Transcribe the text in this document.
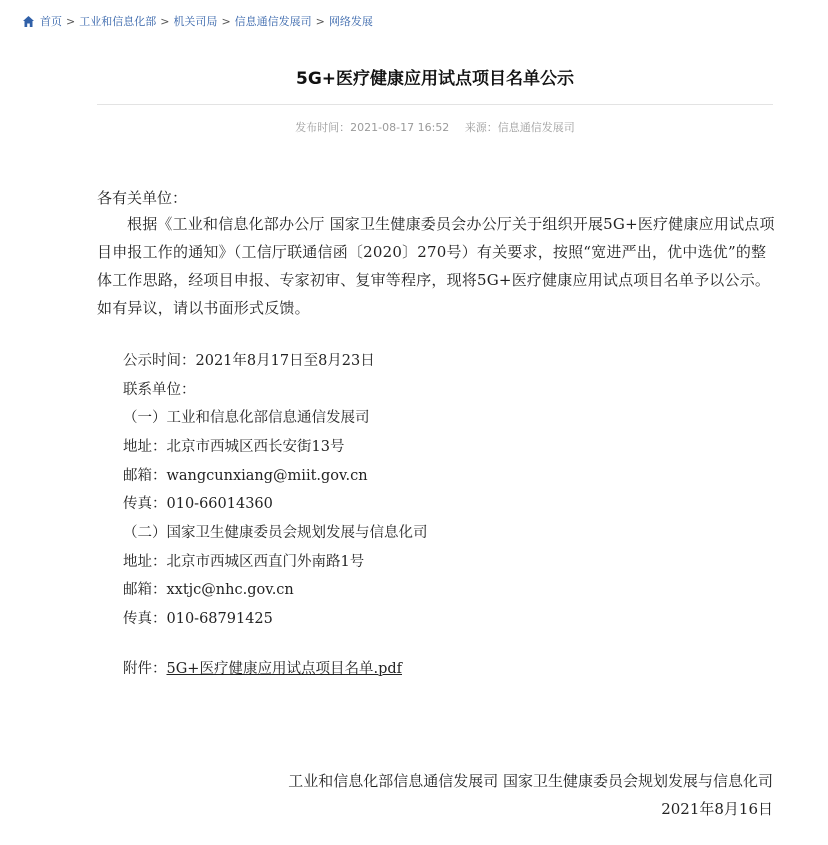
首页 > 工业和信息化部 > 机关司局 > 信息通信发展司 > 网络发展
5G+医疗健康应用试点项目名单公示
发布时间：2021-08-17 16:52 来源：信息通信发展司
各有关单位：
根据《工业和信息化部办公厅 国家卫生健康委员会办公厅关于组织开展5G+医疗健康应用试点项目申报工作的通知》（工信厅联通信函〔2020〕270号）有关要求，按照“宽进严出，优中选优”的整体工作思路，经项目申报、专家初审、复审等程序，现将5G+医疗健康应用试点项目名单予以公示。如有异议，请以书面形式反馈。
公示时间：2021年8月17日至8月23日
联系单位：
（一）工业和信息化部信息通信发展司
地址：北京市西城区西长安街13号
邮箱：wangcunxiang@miit.gov.cn
传真：010-66014360
（二）国家卫生健康委员会规划发展与信息化司
地址：北京市西城区西直门外南路1号
邮箱：xxtjc@nhc.gov.cn
传真：010-68791425
附件：5G+医疗健康应用试点项目名单.pdf
工业和信息化部信息通信发展司 国家卫生健康委员会规划发展与信息化司
2021年8月16日
